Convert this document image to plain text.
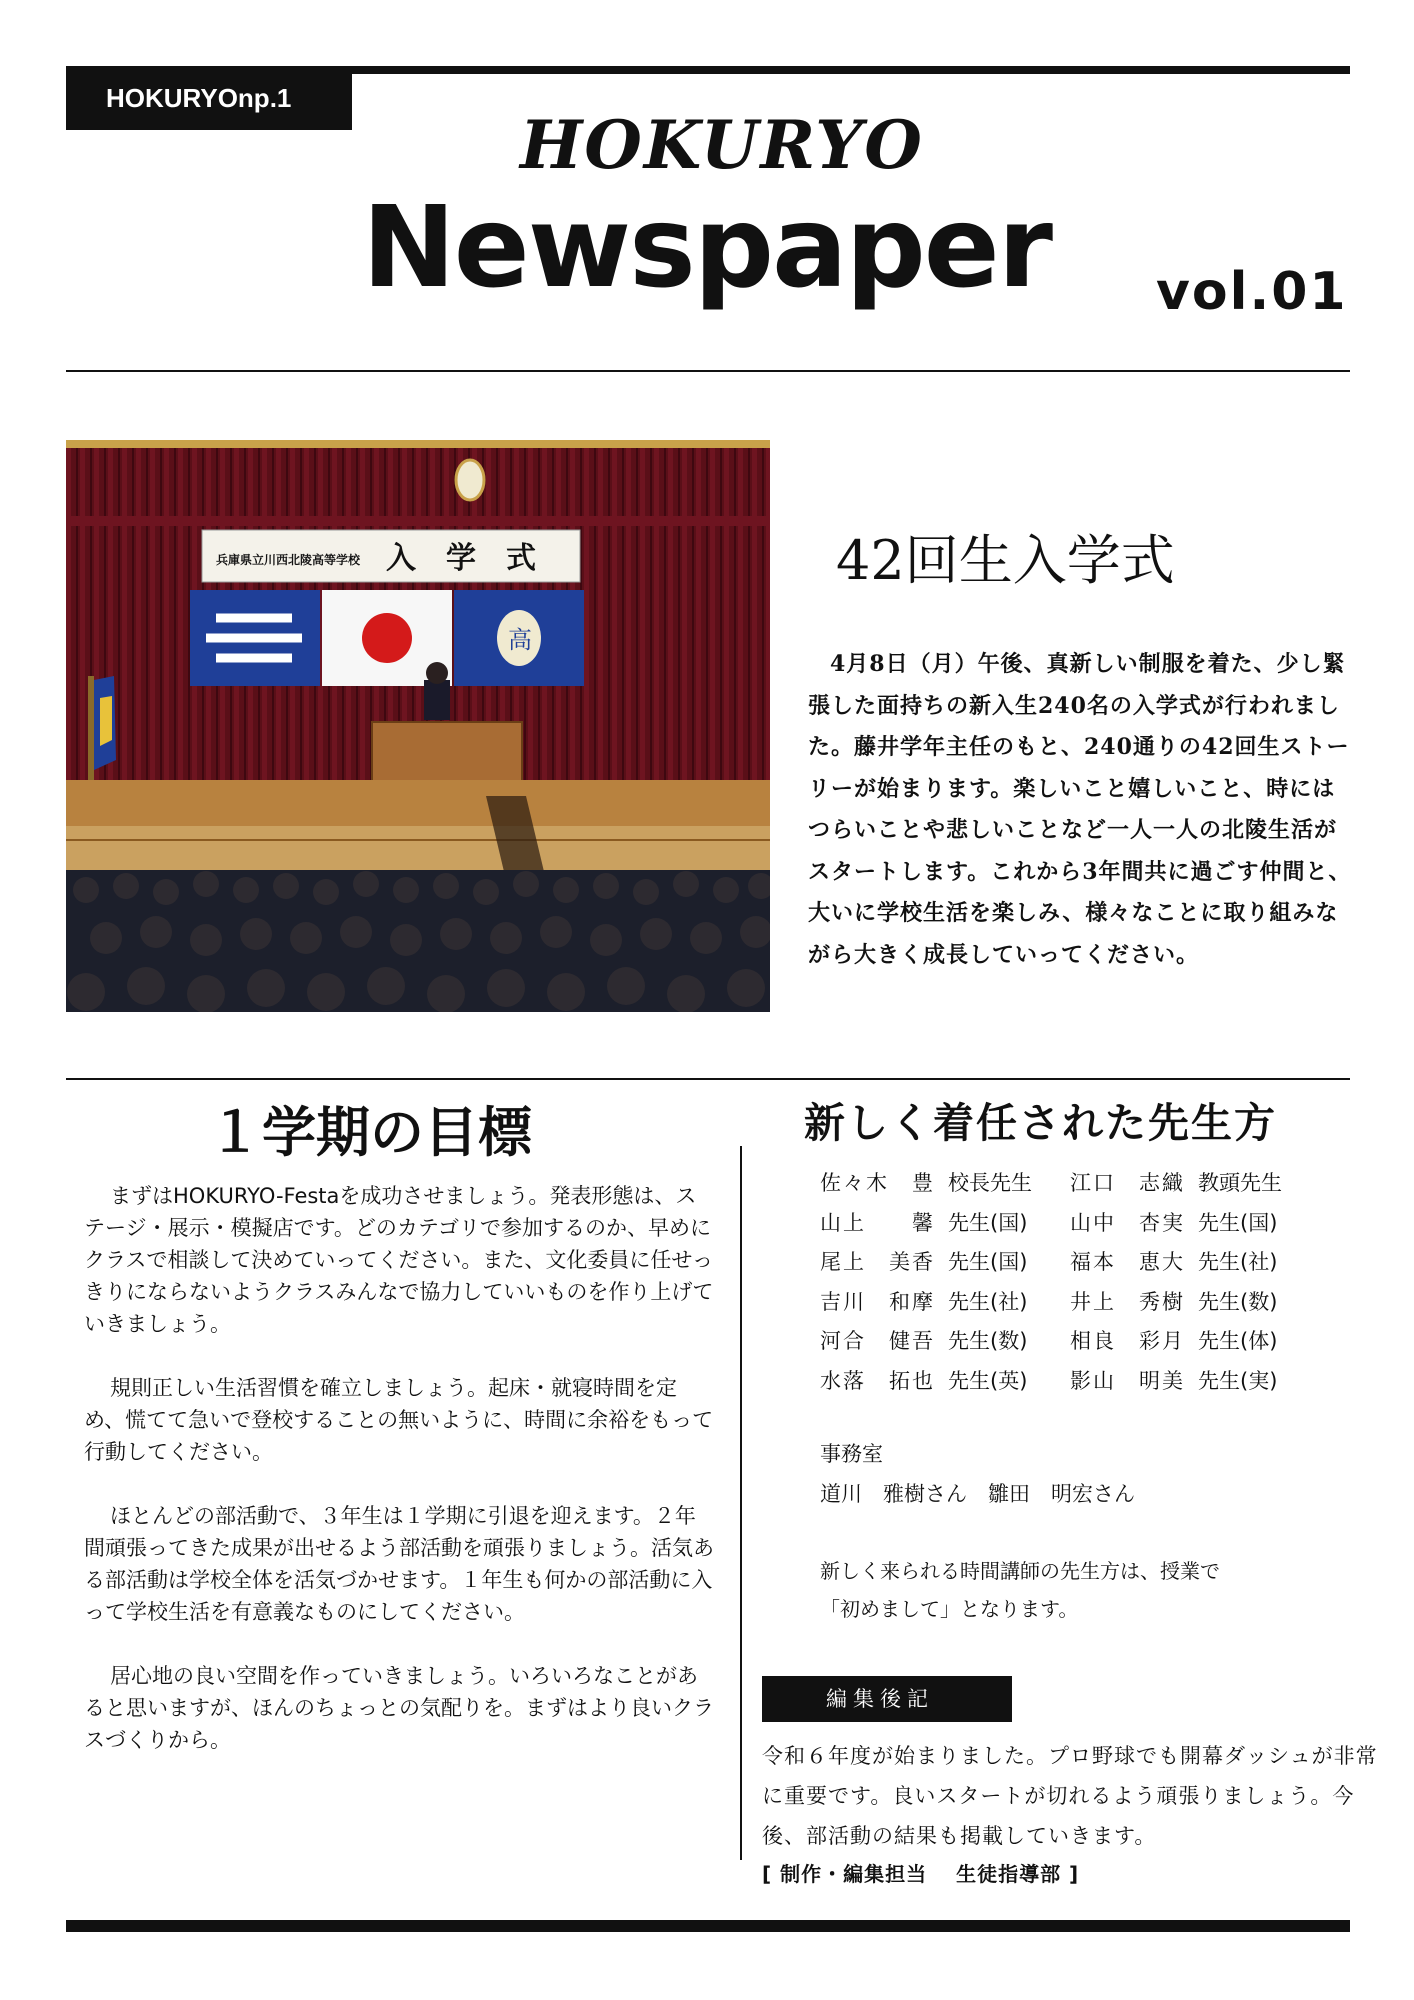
HOKURYOnp.1
HOKURYO
Newspaper vol.01
兵庫県立川西北陵高等学校 入　学　式
高
42回生入学式
4月8日（月）午後、真新しい制服を着た、少し緊張した面持ちの新入生240名の入学式が行われました。藤井学年主任のもと、240通りの42回生ストーリーが始まります。楽しいこと嬉しいこと、時にはつらいことや悲しいことなど一人一人の北陵生活がスタートします。これから3年間共に過ごす仲間と、大いに学校生活を楽しみ、様々なことに取り組みながら大きく成長していってください。
１学期の目標

まずはHOKURYO-Festaを成功させましょう。発表形態は、ステージ・展示・模擬店です。どのカテゴリで参加するのか、早めにクラスで相談して決めていってください。また、文化委員に任せっきりにならないようクラスみんなで協力していいものを作り上げていきましょう。

規則正しい生活習慣を確立しましょう。起床・就寝時間を定め、慌てて急いで登校することの無いように、時間に余裕をもって行動してください。

ほとんどの部活動で、３年生は１学期に引退を迎えます。２年間頑張ってきた成果が出せるよう部活動を頑張りましょう。活気ある部活動は学校全体を活気づかせます。１年生も何かの部活動に入って学校生活を有意義なものにしてください。

居心地の良い空間を作っていきましょう。いろいろなことがあると思いますが、ほんのちょっとの気配りを。まずはより良いクラスづくりから。

新しく着任された先生方
佐々木　豊 校長先生 江口　志織 教頭先生
山上　　馨 先生(国) 山中　杏実 先生(国)
尾上　美香 先生(国) 福本　恵大 先生(社)
吉川　和摩 先生(社) 井上　秀樹 先生(数)
河合　健吾 先生(数) 相良　彩月 先生(体)
水落　拓也 先生(英) 影山　明美 先生(実)
事務室
道川　雅樹さん　雛田　明宏さん
新しく来られる時間講師の先生方は、授業で
「初めまして」となります。
編集後記
令和６年度が始まりました。プロ野球でも開幕ダッシュが非常に重要です。良いスタートが切れるよう頑張りましょう。今後、部活動の結果も掲載していきます。
[ 制作・編集担当　 生徒指導部 ]
